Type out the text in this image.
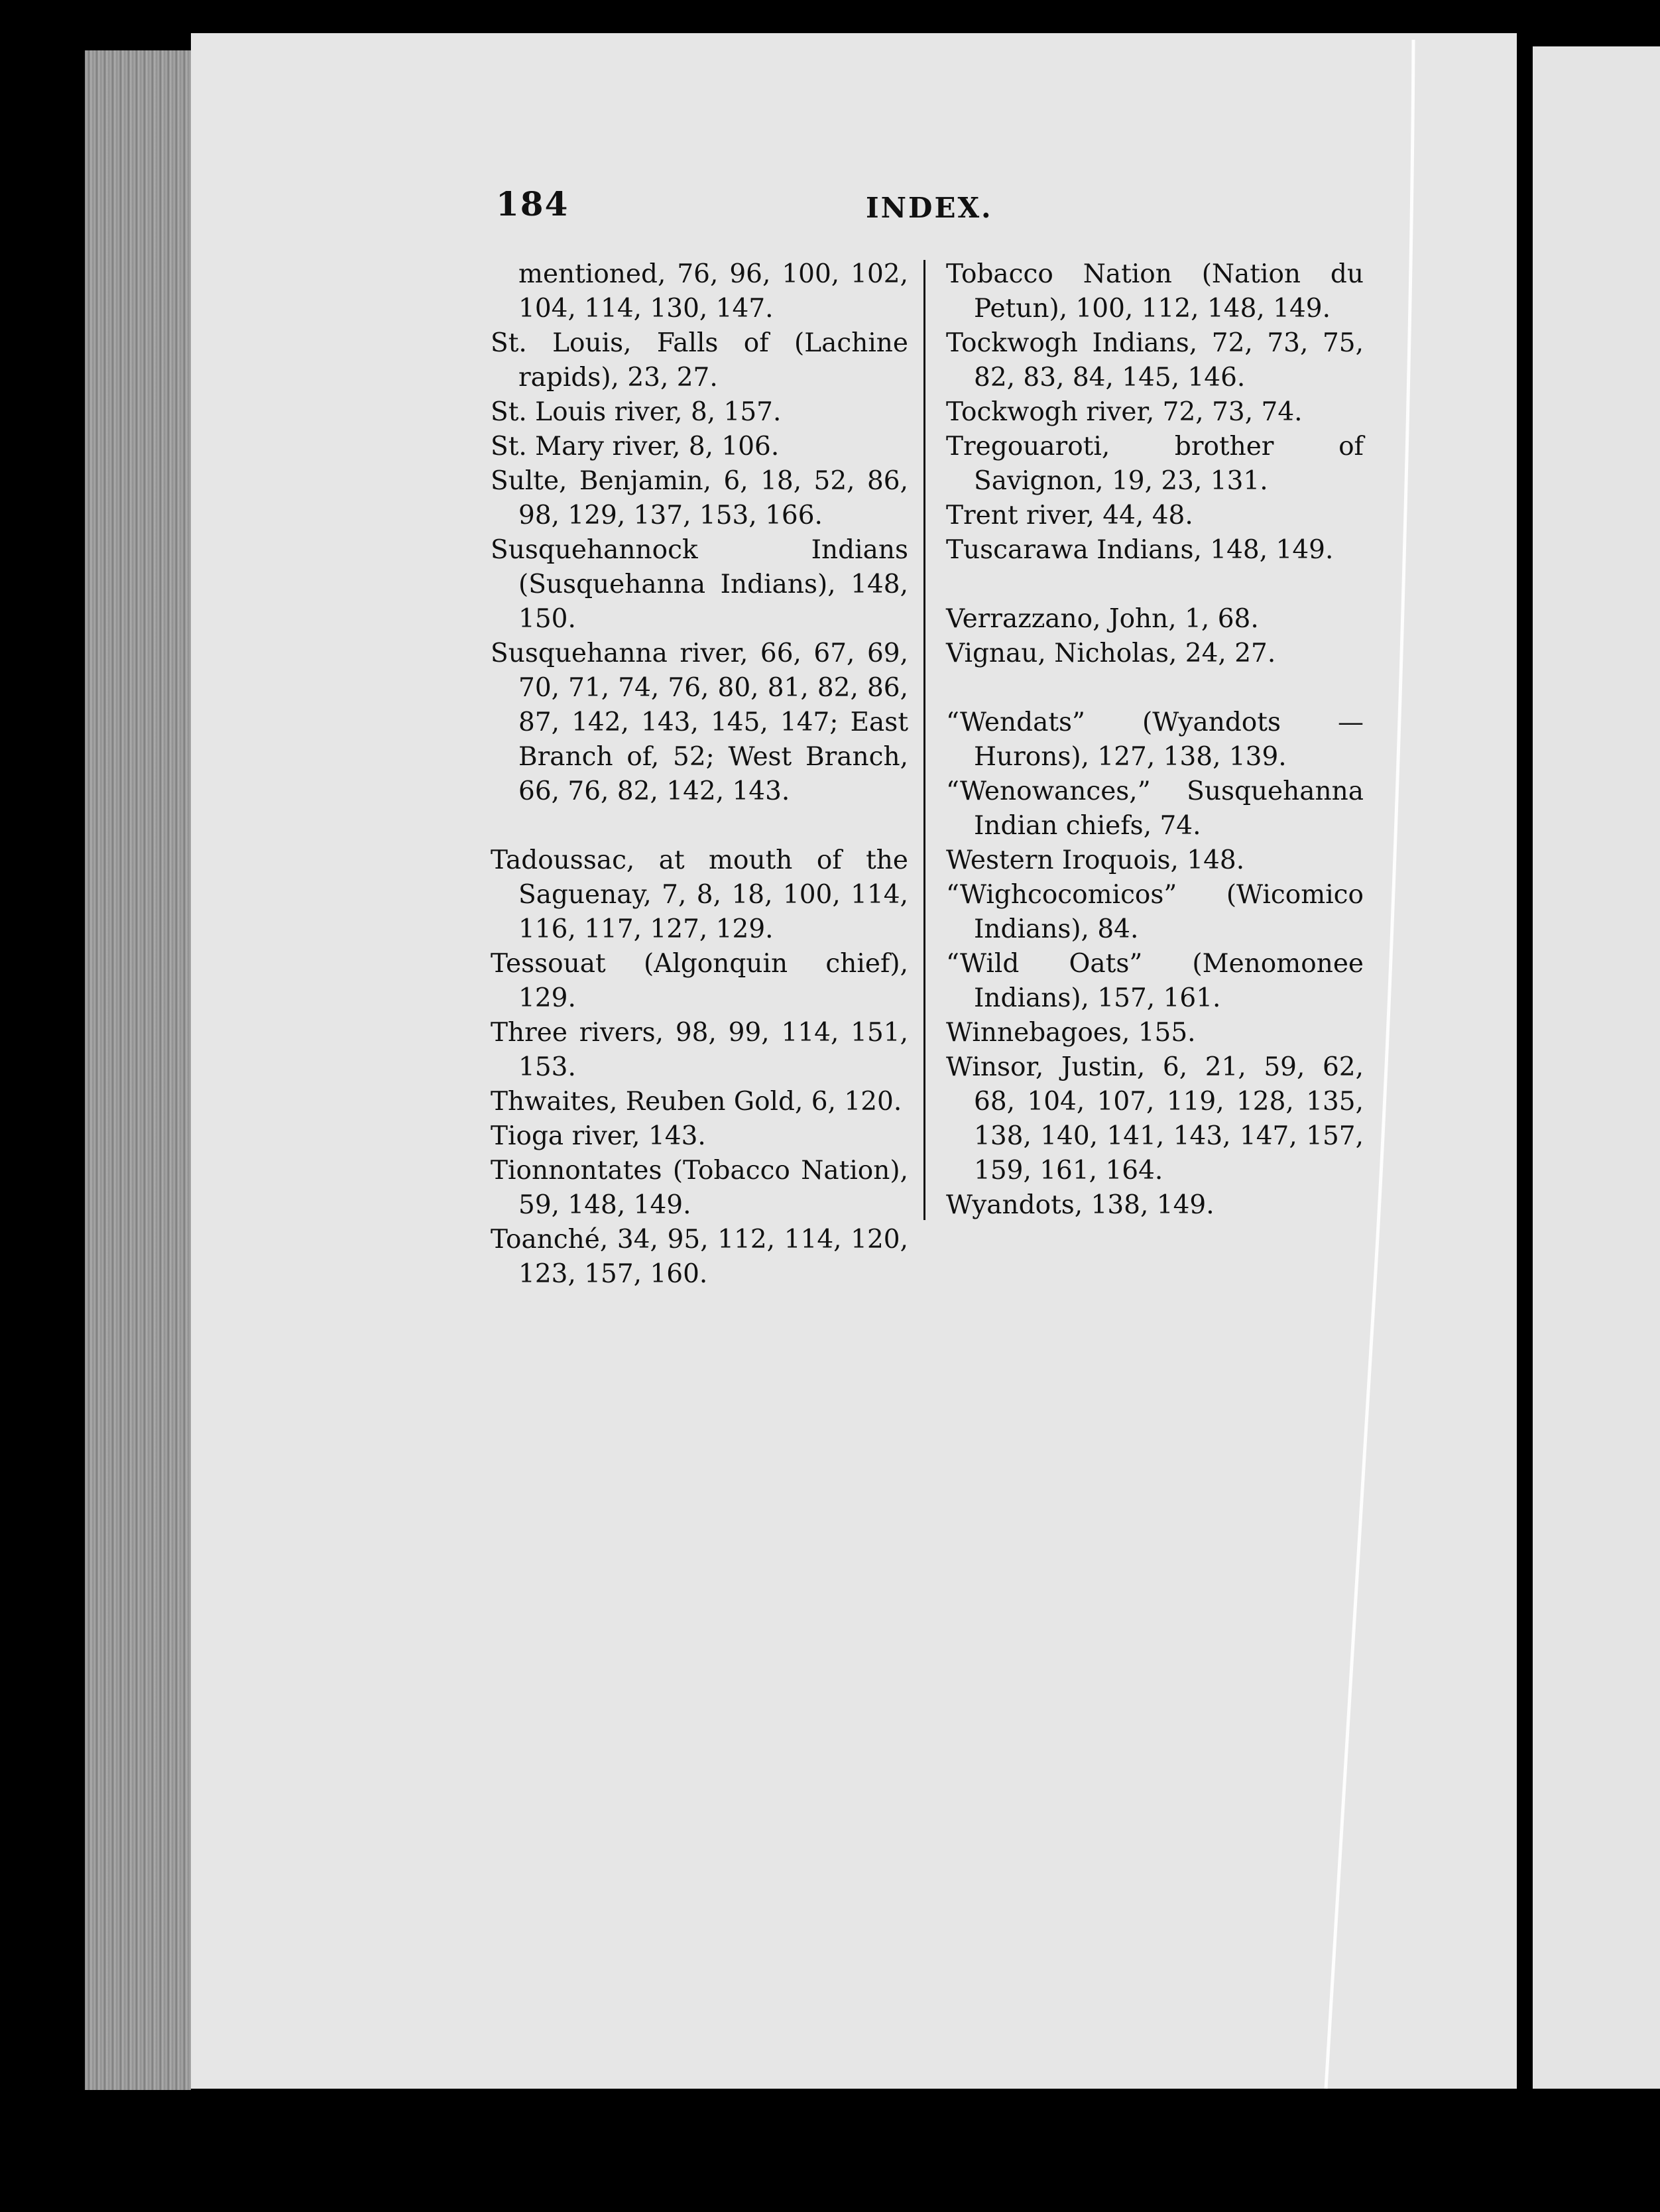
184	INDEX.

mentioned, 76, 96, 100, 102, 104, 114, 130, 147.

St. Louis, Falls of (Lachine rapids), 23, 27.

St. Louis river, 8, 157.

St. Mary river, 8, 106.

Sulte, Benjamin, 6, 18, 52, 86, 98, 129, 137, 153, 166.

Susquehannock Indians (Susquehanna Indians), 148, 150.

Susquehanna river, 66, 67, 69, 70, 71, 74, 76, 80, 81, 82, 86, 87, 142, 143, 145, 147; East Branch of, 52; West Branch, 66, 76, 82, 142, 143.

Tadoussac, at mouth of the Saguenay, 7, 8, 18, 100, 114, 116, 117, 127, 129.

Tessouat (Algonquin chief), 129.

Three rivers, 98, 99, 114, 151, 153.

Thwaites, Reuben Gold, 6, 120.

Tioga river, 143.

Tionnontates (Tobacco Nation), 59, 148, 149.

Toanché, 34, 95, 112, 114, 120, 123, 157, 160.

Tobacco Nation (Nation du Petun), 100, 112, 148, 149.

Tockwogh Indians, 72, 73, 75, 82, 83, 84, 145, 146.

Tockwogh river, 72, 73, 74.

Tregouaroti, brother of Savignon, 19, 23, 131.

Trent river, 44, 48.

Tuscarawa Indians, 148, 149.

Verrazzano, John, 1, 68.

Vignau, Nicholas, 24, 27.

“Wendats” (Wyandots — Hurons), 127, 138, 139.

“Wenowances,” Susquehanna Indian chiefs, 74.

Western Iroquois, 148.

“Wighcocomicos” (Wicomico Indians), 84.

“Wild Oats” (Menomonee Indians), 157, 161.

Winnebagoes, 155.

Winsor, Justin, 6, 21, 59, 62, 68, 104, 107, 119, 128, 135, 138, 140, 141, 143, 147, 157, 159, 161, 164.

Wyandots, 138, 149.
